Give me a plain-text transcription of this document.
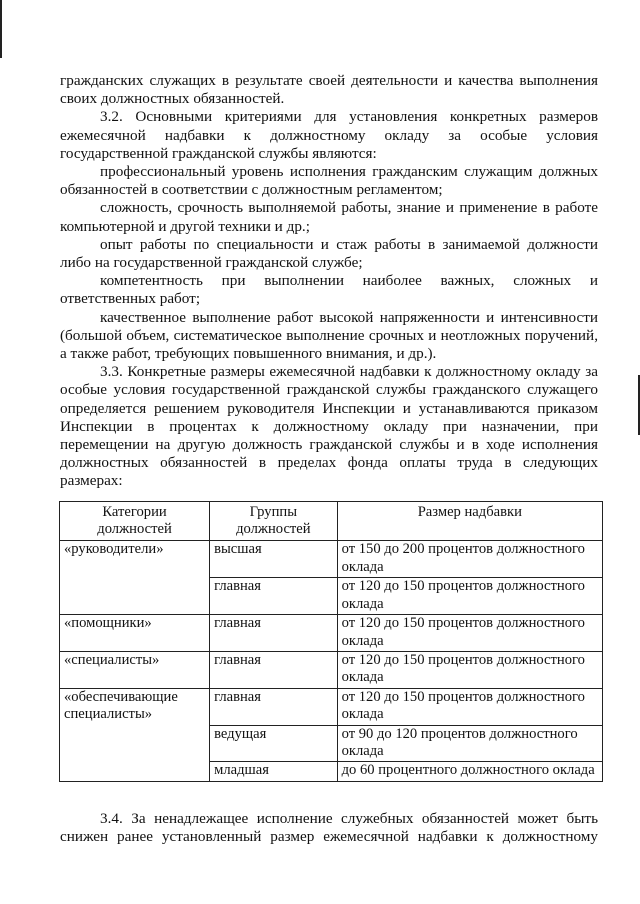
гражданских служащих в результате своей деятельности и качества выполнения своих должностных обязанностей.

3.2. Основными критериями для установления конкретных размеров ежемесячной надбавки к должностному окладу за особые условия государственной гражданской службы являются:

профессиональный уровень исполнения гражданским служащим должных обязанностей в соответствии с должностным регламентом;

сложность, срочность выполняемой работы, знание и применение в работе компьютерной и другой техники и др.;

опыт работы по специальности и стаж работы в занимаемой должности либо на государственной гражданской службе;

компетентность при выполнении наиболее важных, сложных и ответственных работ;

качественное выполнение работ высокой напряженности и интенсивности (большой объем, систематическое выполнение срочных и неотложных поручений, а также работ, требующих повышенного внимания, и др.).

3.3. Конкретные размеры ежемесячной надбавки к должностному окладу за особые условия государственной гражданской службы гражданского служащего определяется решением руководителя Инспекции и устанавливаются приказом Инспекции в процентах к должностному окладу при назначении, при перемещении на другую должность гражданской службы и в ходе исполнения должностных обязанностей в пределах фонда оплаты труда в следующих размерах:

Категории должностей	Группы должностей	Размер надбавки
«руководители»	высшая	от 150 до 200 процентов должностного оклада
	главная	от 120 до 150 процентов должностного оклада
«помощники»	главная	от 120 до 150 процентов должностного оклада
«специалисты»	главная	от 120 до 150 процентов должностного оклада
«обеспечивающие специалисты»	главная	от 120 до 150 процентов должностного оклада
	ведущая	от 90 до 120 процентов должностного оклада
	младшая	до 60 процентного должностного оклада

3.4. За ненадлежащее исполнение служебных обязанностей может быть снижен ранее установленный размер ежемесячной надбавки к должностному
